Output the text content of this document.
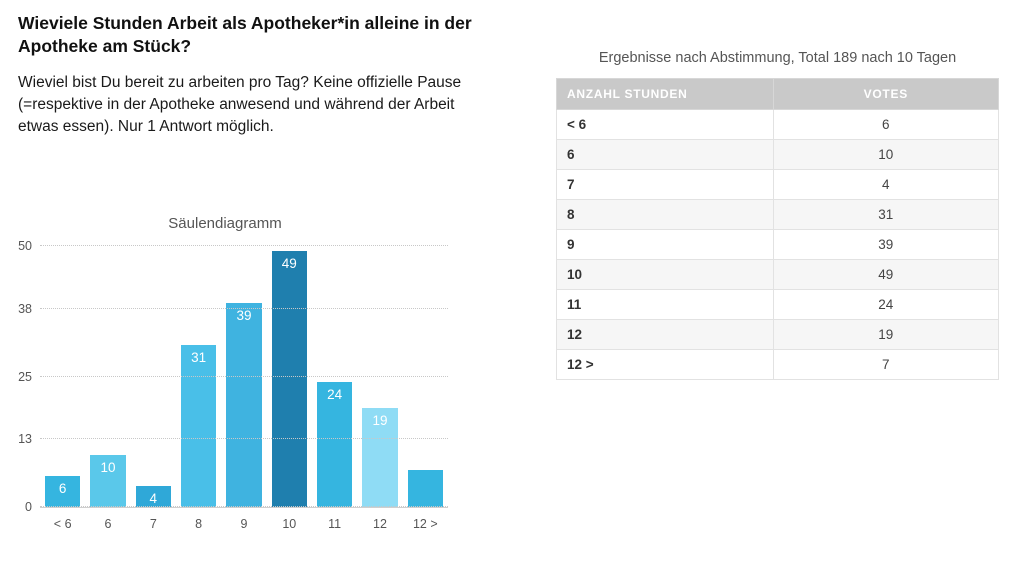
Wieviele Stunden Arbeit als Apotheker*in alleine in der Apotheke am Stück?

Wieviel bist Du bereit zu arbeiten pro Tag? Keine offizielle Pause (=respektive in der Apotheke anwesend und während der Arbeit etwas essen). Nur 1 Antwort möglich.

Säulendiagramm
6
10
4
31
39
49
24
19
0
13
25
38
50
< 6	6	7	8	9	10	11	12	12 >
Ergebnisse nach Abstimmung, Total 189 nach 10 Tagen
ANZAHL STUNDEN	VOTES
< 6	6
6	10
7	4
8	31
9	39
10	49
11	24
12	19
12 >	7
